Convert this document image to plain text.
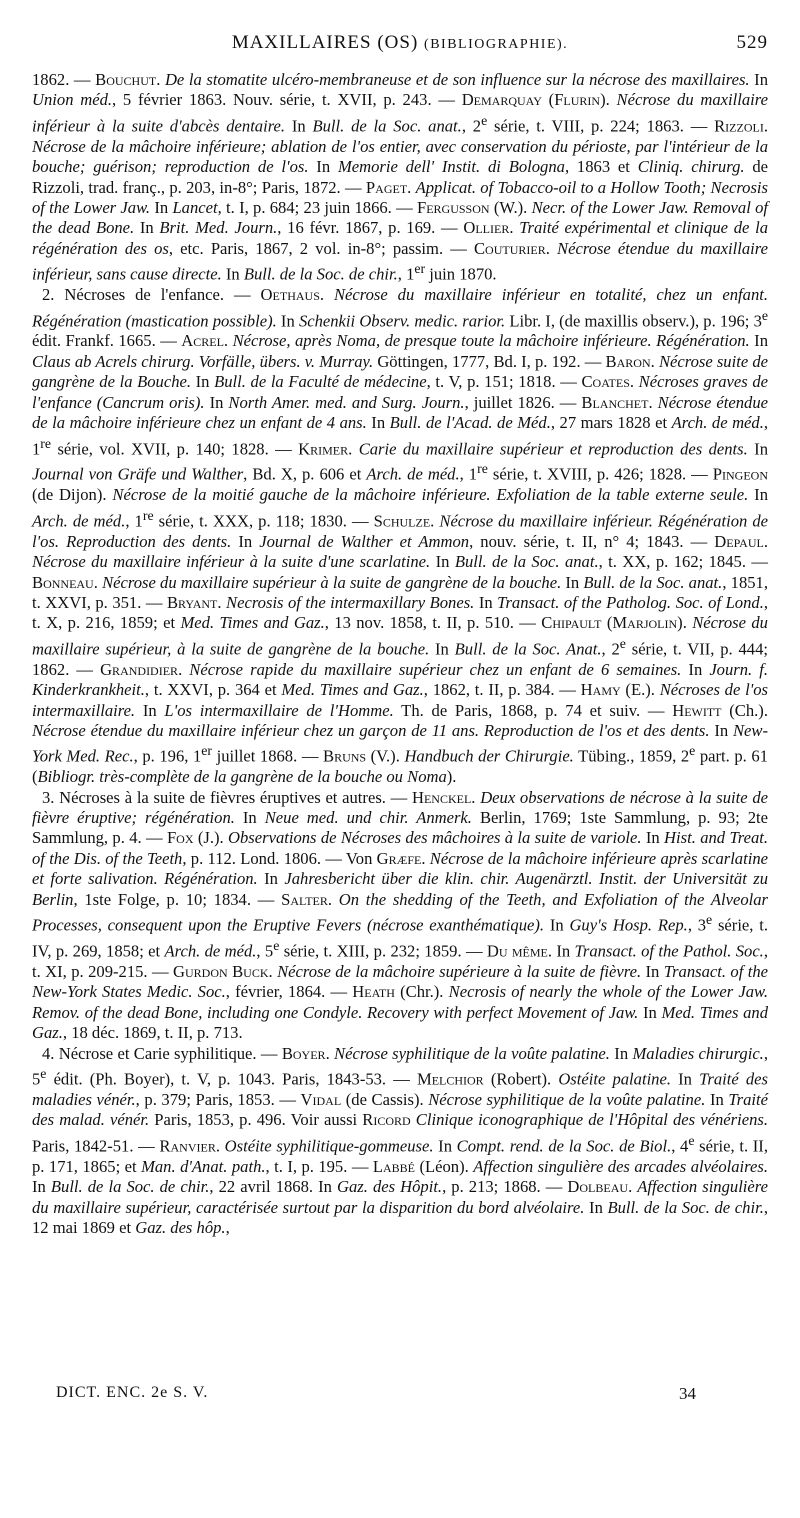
MAXILLAIRES (OS) (BIBLIOGRAPHIE).	529

1862. — Bouchut. De la stomatite ulcéro-membraneuse et de son influence sur la nécrose des maxillaires. In Union méd., 5 février 1863. Nouv. série, t. XVII, p. 243. — Demarquay (Flurin). Nécrose du maxillaire inférieur à la suite d'abcès dentaire. In Bull. de la Soc. anat., 2e série, t. VIII, p. 224; 1863. — Rizzoli. Nécrose de la mâchoire inférieure; ablation de l'os entier, avec conservation du périoste, par l'intérieur de la bouche; guérison; reproduction de l'os. In Memorie dell' Instit. di Bologna, 1863 et Cliniq. chirurg. de Rizzoli, trad. franç., p. 203, in-8°; Paris, 1872. — Paget. Applicat. of Tobacco-oil to a Hollow Tooth; Necrosis of the Lower Jaw. In Lancet, t. I, p. 684; 23 juin 1866. — Fergusson (W.). Necr. of the Lower Jaw. Removal of the dead Bone. In Brit. Med. Journ., 16 févr. 1867, p. 169. — Ollier. Traité expérimental et clinique de la régénération des os, etc. Paris, 1867, 2 vol. in-8°; passim. — Couturier. Nécrose étendue du maxillaire inférieur, sans cause directe. In Bull. de la Soc. de chir., 1er juin 1870.

2. Nécroses de l'enfance. — Oethaus. Nécrose du maxillaire inférieur en totalité, chez un enfant. Régénération (mastication possible). In Schenkii Observ. medic. rarior. Libr. I, (de maxillis observ.), p. 196; 3e édit. Frankf. 1665. — Acrel. Nécrose, après Noma, de presque toute la mâchoire inférieure. Régénération. In Claus ab Acrels chirurg. Vorfälle, übers. v. Murray. Göttingen, 1777, Bd. I, p. 192. — Baron. Nécrose suite de gangrène de la Bouche. In Bull. de la Faculté de médecine, t. V, p. 151; 1818. — Coates. Nécroses graves de l'enfance (Cancrum oris). In North Amer. med. and Surg. Journ., juillet 1826. — Blanchet. Nécrose étendue de la mâchoire inférieure chez un enfant de 4 ans. In Bull. de l'Acad. de Méd., 27 mars 1828 et Arch. de méd., 1re série, vol. XVII, p. 140; 1828. — Krimer. Carie du maxillaire supérieur et reproduction des dents. In Journal von Gräfe und Walther, Bd. X, p. 606 et Arch. de méd., 1re série, t. XVIII, p. 426; 1828. — Pingeon (de Dijon). Nécrose de la moitié gauche de la mâchoire inférieure. Exfoliation de la table externe seule. In Arch. de méd., 1re série, t. XXX, p. 118; 1830. — Schulze. Nécrose du maxillaire inférieur. Régénération de l'os. Reproduction des dents. In Journal de Walther et Ammon, nouv. série, t. II, n° 4; 1843. — Depaul. Nécrose du maxillaire inférieur à la suite d'une scarlatine. In Bull. de la Soc. anat., t. XX, p. 162; 1845. — Bonneau. Nécrose du maxillaire supérieur à la suite de gangrène de la bouche. In Bull. de la Soc. anat., 1851, t. XXVI, p. 351. — Bryant. Necrosis of the intermaxillary Bones. In Transact. of the Patholog. Soc. of Lond., t. X, p. 216, 1859; et Med. Times and Gaz., 13 nov. 1858, t. II, p. 510. — Chipault (Marjolin). Nécrose du maxillaire supérieur, à la suite de gangrène de la bouche. In Bull. de la Soc. Anat., 2e série, t. VII, p. 444; 1862. — Grandidier. Nécrose rapide du maxillaire supérieur chez un enfant de 6 semaines. In Journ. f. Kinderkrankheit., t. XXVI, p. 364 et Med. Times and Gaz., 1862, t. II, p. 384. — Hamy (E.). Nécroses de l'os intermaxillaire. In L'os intermaxillaire de l'Homme. Th. de Paris, 1868, p. 74 et suiv. — Hewitt (Ch.). Nécrose étendue du maxillaire inférieur chez un garçon de 11 ans. Reproduction de l'os et des dents. In New-York Med. Rec., p. 196, 1er juillet 1868. — Bruns (V.). Handbuch der Chirurgie. Tübing., 1859, 2e part. p. 61 (Bibliogr. très-complète de la gangrène de la bouche ou Noma).

3. Nécroses à la suite de fièvres éruptives et autres. — Henckel. Deux observations de nécrose à la suite de fièvre éruptive; régénération. In Neue med. und chir. Anmerk. Berlin, 1769; 1ste Sammlung, p. 93; 2te Sammlung, p. 4. — Fox (J.). Observations de Nécroses des mâchoires à la suite de variole. In Hist. and Treat. of the Dis. of the Teeth, p. 112. Lond. 1806. — Von Græfe. Nécrose de la mâchoire inférieure après scarlatine et forte salivation. Régénération. In Jahresbericht über die klin. chir. Augenärztl. Instit. der Universität zu Berlin, 1ste Folge, p. 10; 1834. — Salter. On the shedding of the Teeth, and Exfoliation of the Alveolar Processes, consequent upon the Eruptive Fevers (nécrose exanthématique). In Guy's Hosp. Rep., 3e série, t. IV, p. 269, 1858; et Arch. de méd., 5e série, t. XIII, p. 232; 1859. — Du même. In Transact. of the Pathol. Soc., t. XI, p. 209-215. — Gurdon Buck. Nécrose de la mâchoire supérieure à la suite de fièvre. In Transact. of the New-York States Medic. Soc., février, 1864. — Heath (Chr.). Necrosis of nearly the whole of the Lower Jaw. Remov. of the dead Bone, including one Condyle. Recovery with perfect Movement of Jaw. In Med. Times and Gaz., 18 déc. 1869, t. II, p. 713.

4. Nécrose et Carie syphilitique. — Boyer. Nécrose syphilitique de la voûte palatine. In Maladies chirurgic., 5e édit. (Ph. Boyer), t. V, p. 1043. Paris, 1843-53. — Melchior (Robert). Ostéite palatine. In Traité des maladies vénér., p. 379; Paris, 1853. — Vidal (de Cassis). Nécrose syphilitique de la voûte palatine. In Traité des malad. vénér. Paris, 1853, p. 496. Voir aussi Ricord Clinique iconographique de l'Hôpital des vénériens. Paris, 1842-51. — Ranvier. Ostéite syphilitique-gommeuse. In Compt. rend. de la Soc. de Biol., 4e série, t. II, p. 171, 1865; et Man. d'Anat. path., t. I, p. 195. — Labbé (Léon). Affection singulière des arcades alvéolaires. In Bull. de la Soc. de chir., 22 avril 1868. In Gaz. des Hôpit., p. 213; 1868. — Dolbeau. Affection singulière du maxillaire supérieur, caractérisée surtout par la disparition du bord alvéolaire. In Bull. de la Soc. de chir., 12 mai 1869 et Gaz. des hôp.,

DICT. ENC. 2e S. V.	34
